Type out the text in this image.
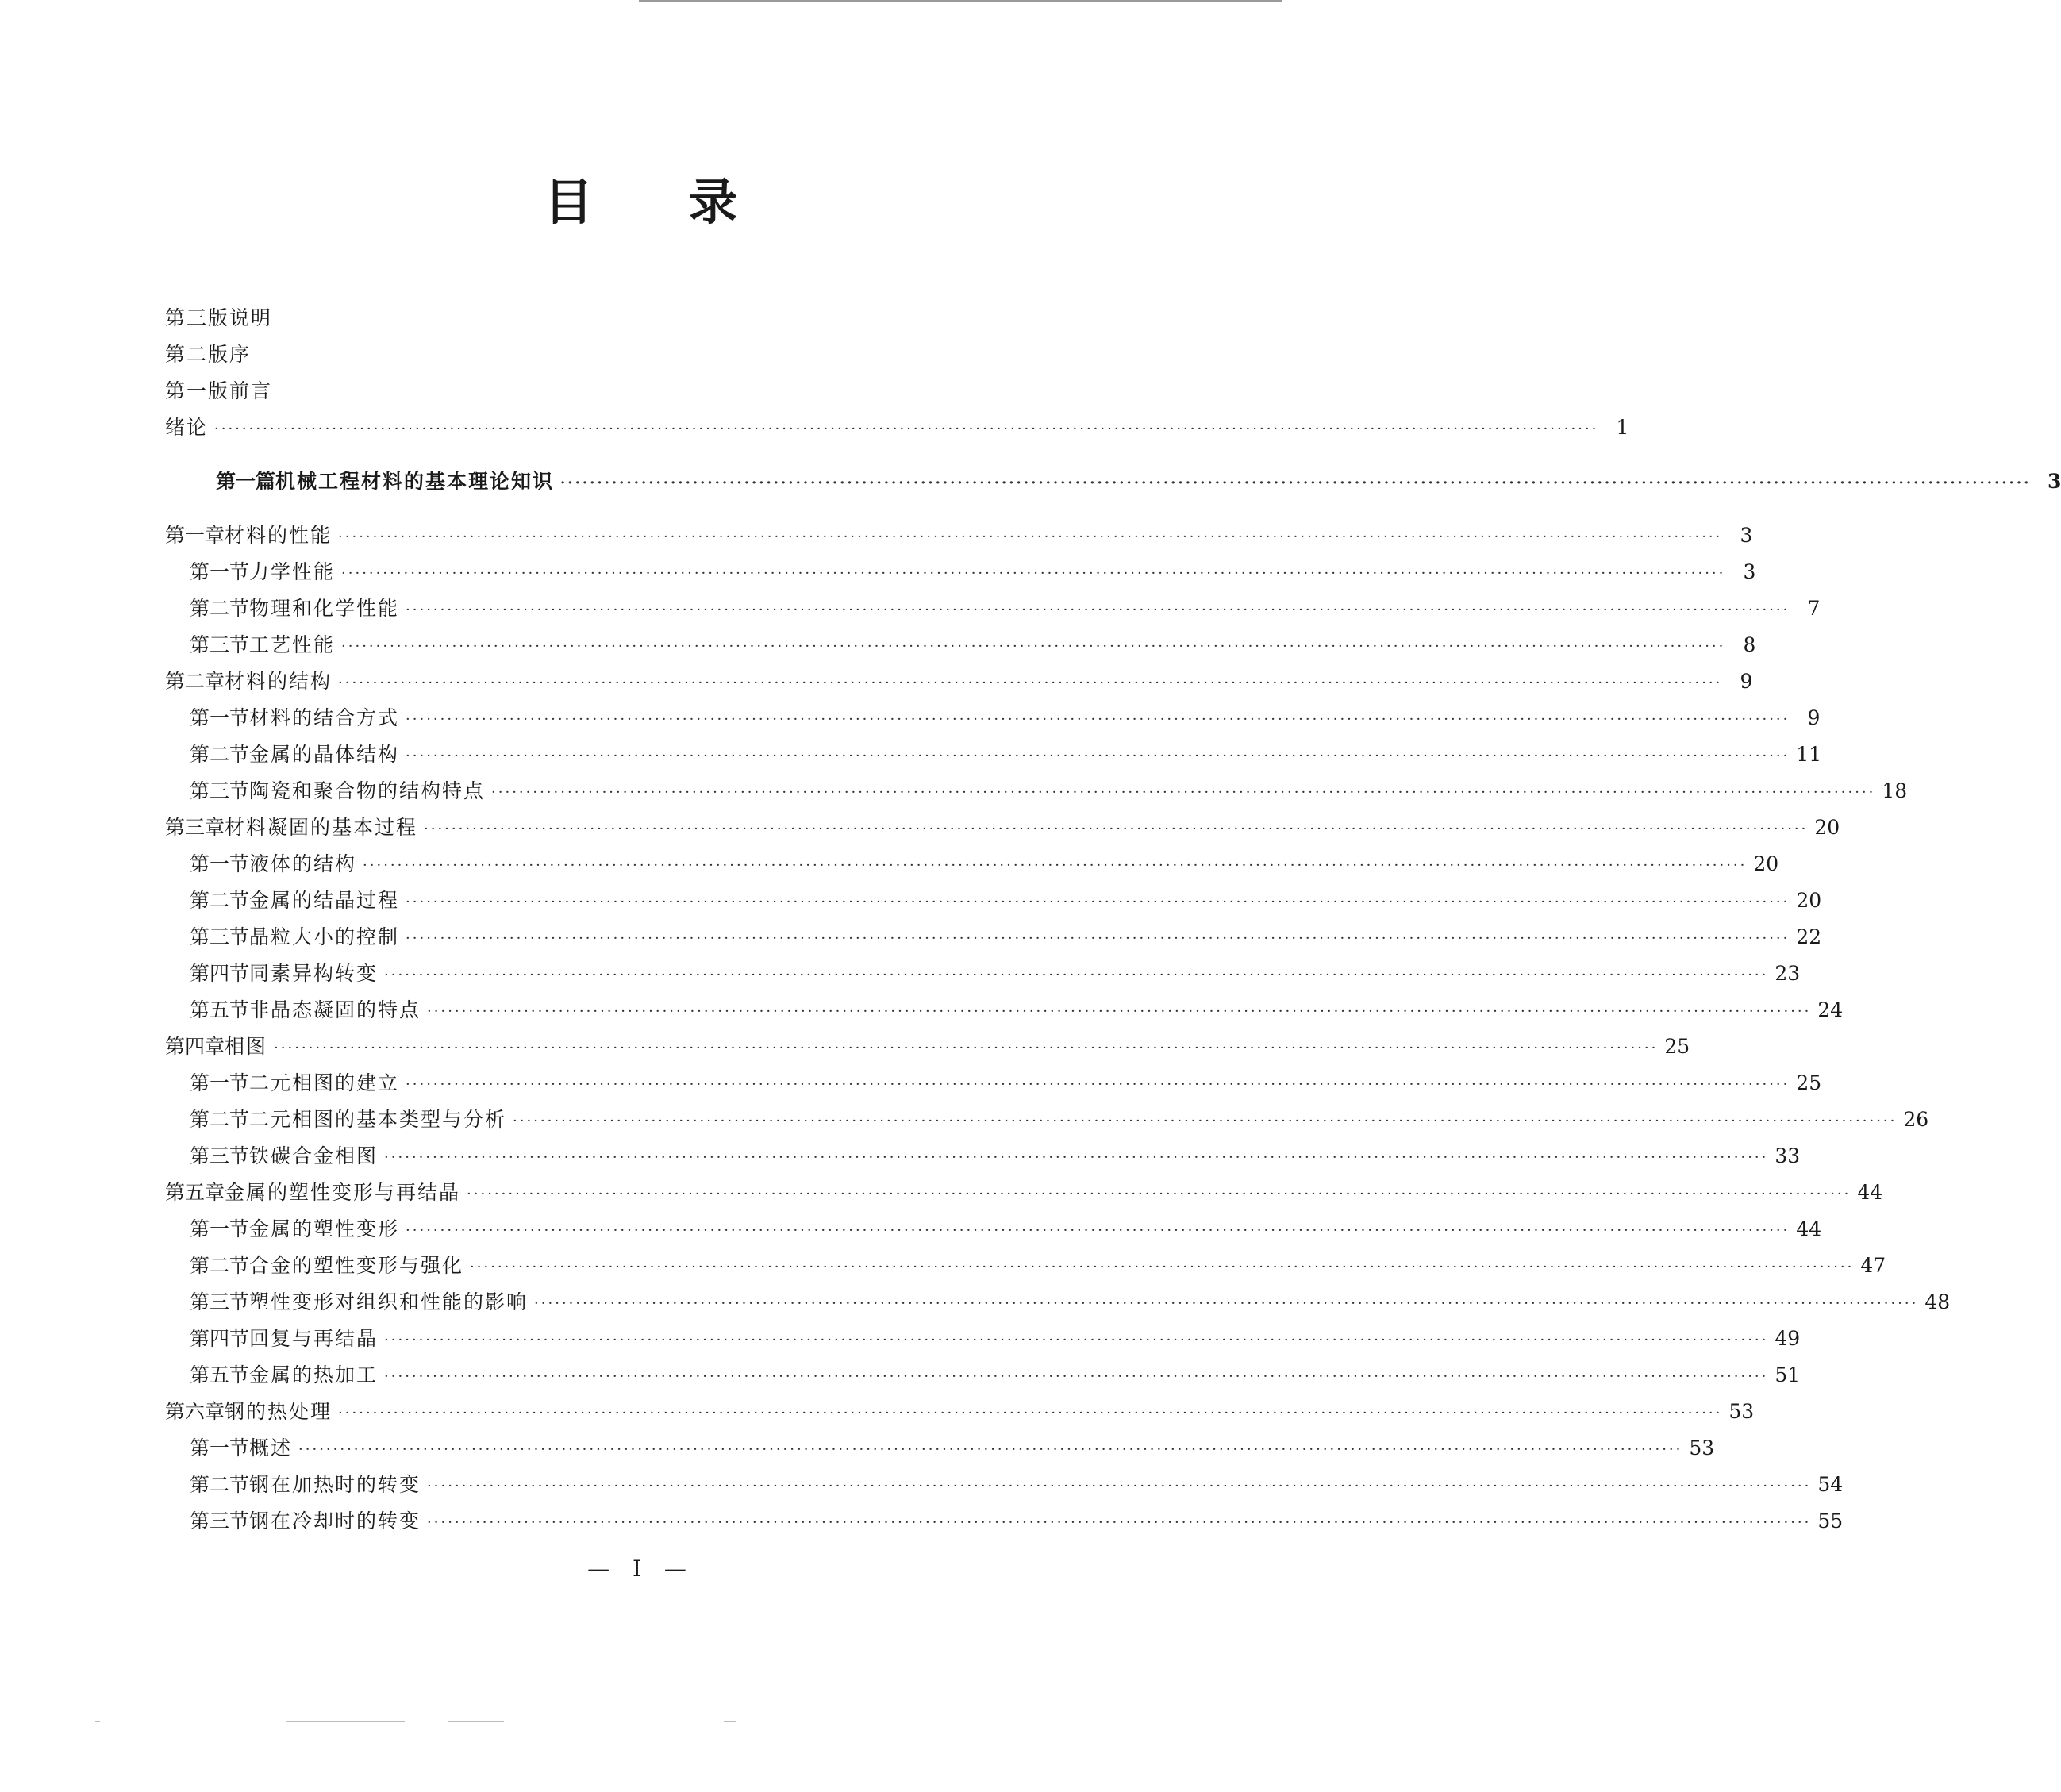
目 录
第三版说明
第二版序
第一版前言
绪论 ········································································································································································································ 1
第一篇 机械工程材料的基本理论知识 ········································································································································································································ 3
第一章 材料的性能 ········································································································································································································ 3
第一节 力学性能 ········································································································································································································ 3
第二节 物理和化学性能 ········································································································································································································ 7
第三节 工艺性能 ········································································································································································································ 8
第二章 材料的结构 ········································································································································································································ 9
第一节 材料的结合方式 ········································································································································································································ 9
第二节 金属的晶体结构 ········································································································································································································ 11
第三节 陶瓷和聚合物的结构特点 ········································································································································································································ 18
第三章 材料凝固的基本过程 ········································································································································································································ 20
第一节 液体的结构 ········································································································································································································ 20
第二节 金属的结晶过程 ········································································································································································································ 20
第三节 晶粒大小的控制 ········································································································································································································ 22
第四节 同素异构转变 ········································································································································································································ 23
第五节 非晶态凝固的特点 ········································································································································································································ 24
第四章 相图 ········································································································································································································ 25
第一节 二元相图的建立 ········································································································································································································ 25
第二节 二元相图的基本类型与分析 ········································································································································································································ 26
第三节 铁碳合金相图 ········································································································································································································ 33
第五章 金属的塑性变形与再结晶 ········································································································································································································ 44
第一节 金属的塑性变形 ········································································································································································································ 44
第二节 合金的塑性变形与强化 ········································································································································································································ 47
第三节 塑性变形对组织和性能的影响 ········································································································································································································ 48
第四节 回复与再结晶 ········································································································································································································ 49
第五节 金属的热加工 ········································································································································································································ 51
第六章 钢的热处理 ········································································································································································································ 53
第一节 概述 ········································································································································································································ 53
第二节 钢在加热时的转变 ········································································································································································································ 54
第三节 钢在冷却时的转变 ········································································································································································································ 55
— I —
